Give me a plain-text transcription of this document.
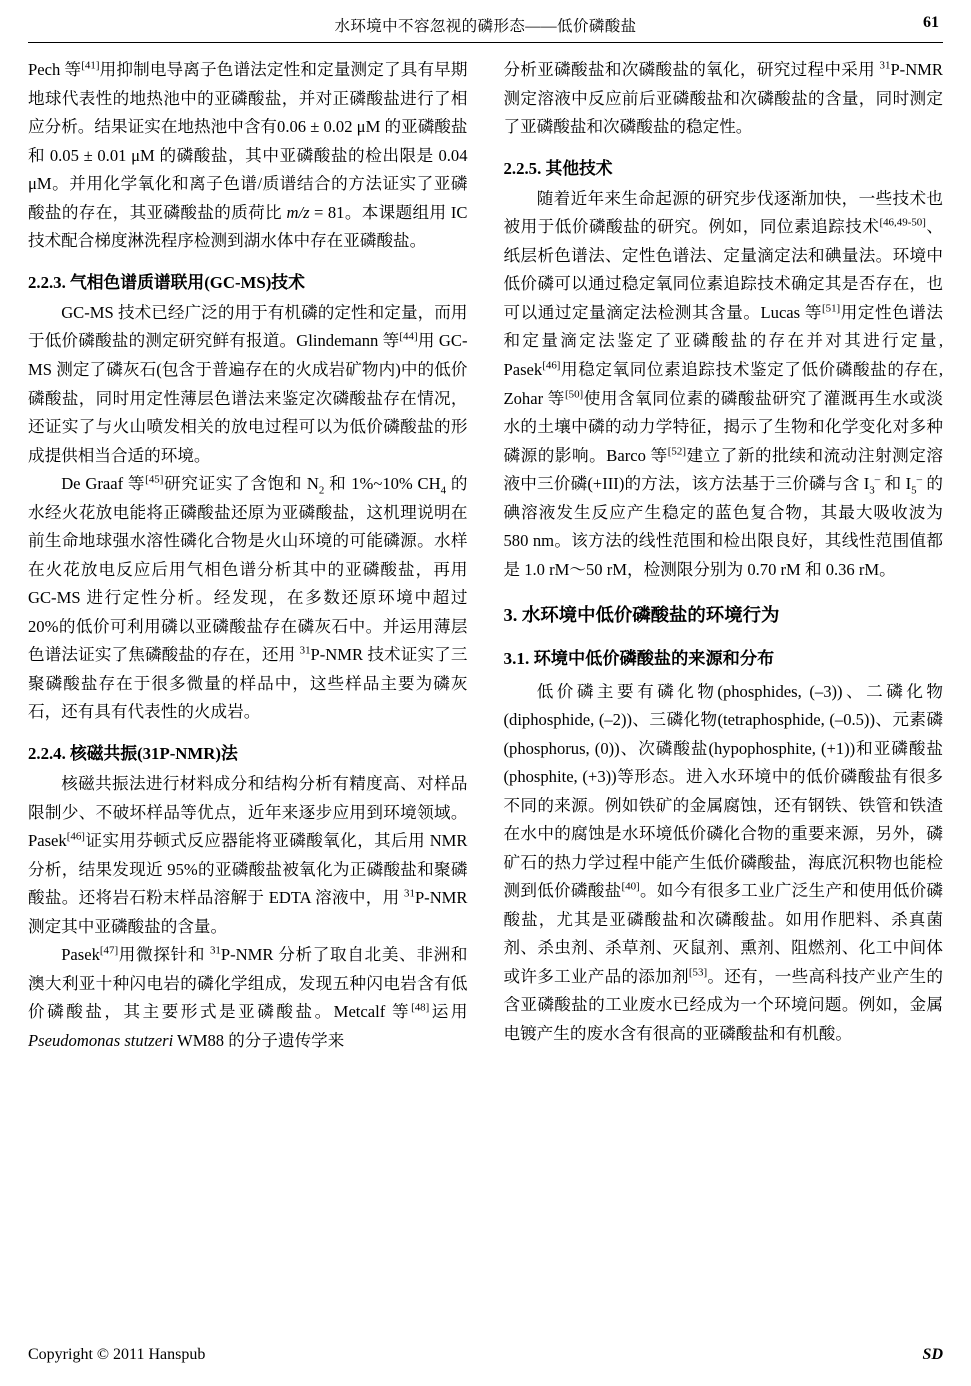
水环境中不容忽视的磷形态——低价磷酸盐	61

Pech 等[41]用抑制电导离子色谱法定性和定量测定了具有早期地球代表性的地热池中的亚磷酸盐，并对正磷酸盐进行了相应分析。结果证实在地热池中含有0.06 ± 0.02 μM 的亚磷酸盐和 0.05 ± 0.01 μM 的磷酸盐，其中亚磷酸盐的检出限是 0.04 μM。并用化学氧化和离子色谱/质谱结合的方法证实了亚磷酸盐的存在，其亚磷酸盐的质荷比 m/z = 81。本课题组用 IC 技术配合梯度淋洗程序检测到湖水体中存在亚磷酸盐。

2.2.3. 气相色谱质谱联用(GC-MS)技术

GC-MS 技术已经广泛的用于有机磷的定性和定量，而用于低价磷酸盐的测定研究鲜有报道。Glindemann 等[44]用 GC-MS 测定了磷灰石(包含于普遍存在的火成岩矿物内)中的低价磷酸盐，同时用定性薄层色谱法来鉴定次磷酸盐存在情况，还证实了与火山喷发相关的放电过程可以为低价磷酸盐的形成提供相当合适的环境。

De Graaf 等[45]研究证实了含饱和 $N_2$ 和 1%~10% $CH_4$ 的水经火花放电能将正磷酸盐还原为亚磷酸盐，这机理说明在前生命地球强水溶性磷化合物是火山环境的可能磷源。水样在火花放电反应后用气相色谱分析其中的亚磷酸盐，再用 GC-MS 进行定性分析。经发现，在多数还原环境中超过 20%的低价可利用磷以亚磷酸盐存在磷灰石中。并运用薄层色谱法证实了焦磷酸盐的存在，还用 $^{31}$P-NMR 技术证实了三聚磷酸盐存在于很多微量的样品中，这些样品主要为磷灰石，还有具有代表性的火成岩。

2.2.4. 核磁共振(31P-NMR)法

核磁共振法进行材料成分和结构分析有精度高、对样品限制少、不破坏样品等优点，近年来逐步应用到环境领域。Pasek[46]证实用芬顿式反应器能将亚磷酸氧化，其后用 NMR 分析，结果发现近 95%的亚磷酸盐被氧化为正磷酸盐和聚磷酸盐。还将岩石粉末样品溶解于 EDTA 溶液中，用 $^{31}$P-NMR 测定其中亚磷酸盐的含量。

Pasek[47]用微探针和 $^{31}$P-NMR 分析了取自北美、非洲和澳大利亚十种闪电岩的磷化学组成，发现五种闪电岩含有低价磷酸盐，其主要形式是亚磷酸盐。Metcalf 等[48]运用 Pseudomonas stutzeri WM88 的分子遗传学来

分析亚磷酸盐和次磷酸盐的氧化，研究过程中采用 $^{31}$P-NMR 测定溶液中反应前后亚磷酸盐和次磷酸盐的含量，同时测定了亚磷酸盐和次磷酸盐的稳定性。

2.2.5. 其他技术

随着近年来生命起源的研究步伐逐渐加快，一些技术也被用于低价磷酸盐的研究。例如，同位素追踪技术[46,49-50]、纸层析色谱法、定性色谱法、定量滴定法和碘量法。环境中低价磷可以通过稳定氧同位素追踪技术确定其是否存在，也可以通过定量滴定法检测其含量。Lucas 等[51]用定性色谱法和定量滴定法鉴定了亚磷酸盐的存在并对其进行定量, Pasek[46]用稳定氧同位素追踪技术鉴定了低价磷酸盐的存在, Zohar 等[50]使用含氧同位素的磷酸盐研究了灌溉再生水或淡水的土壤中磷的动力学特征，揭示了生物和化学变化对多种磷源的影响。Barco 等[52]建立了新的批续和流动注射测定溶液中三价磷(+III)的方法，该方法基于三价磷与含 $I_3^-$ 和 $I_5^-$ 的碘溶液发生反应产生稳定的蓝色复合物，其最大吸收波为 580 nm。该方法的线性范围和检出限良好，其线性范围值都是 1.0 rM～50 rM，检测限分别为 0.70 rM 和 0.36 rM。

3. 水环境中低价磷酸盐的环境行为
3.1. 环境中低价磷酸盐的来源和分布

低价磷主要有磷化物(phosphides, (–3))、二磷化物(diphosphide, (–2))、三磷化物(tetraphosphide, (–0.5))、元素磷(phosphorus, (0))、次磷酸盐(hypophosphite, (+1))和亚磷酸盐(phosphite, (+3))等形态。进入水环境中的低价磷酸盐有很多不同的来源。例如铁矿的金属腐蚀，还有钢铁、铁管和铁渣在水中的腐蚀是水环境低价磷化合物的重要来源，另外，磷矿石的热力学过程中能产生低价磷酸盐，海底沉积物也能检测到低价磷酸盐[40]。如今有很多工业广泛生产和使用低价磷酸盐，尤其是亚磷酸盐和次磷酸盐。如用作肥料、杀真菌剂、杀虫剂、杀草剂、灭鼠剂、熏剂、阻燃剂、化工中间体或许多工业产品的添加剂[53]。还有，一些高科技产业产生的含亚磷酸盐的工业废水已经成为一个环境问题。例如，金属电镀产生的废水含有很高的亚磷酸盐和有机酸。

Copyright © 2011 Hanspub	SD
